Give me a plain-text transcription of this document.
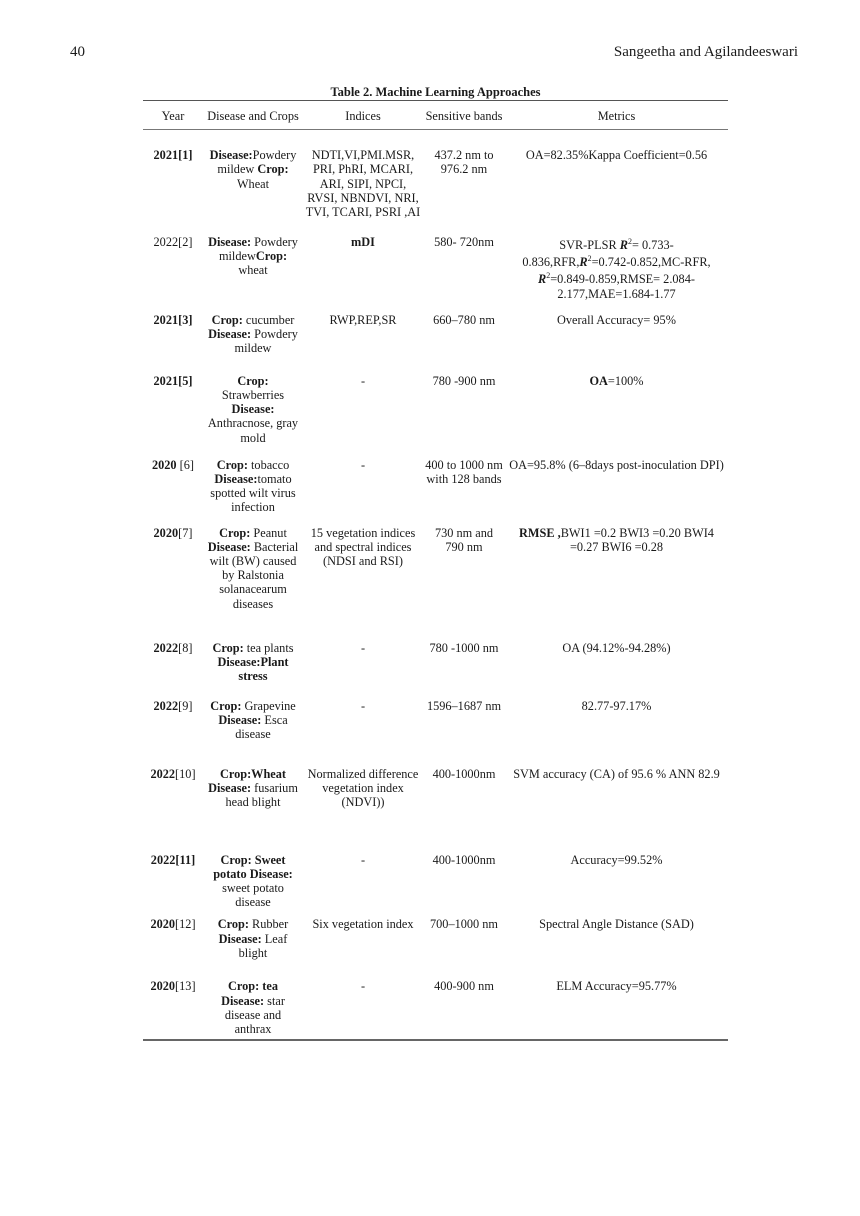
40	Sangeetha and Agilandeeswari
Table 2. Machine Learning Approaches
Year	Disease and Crops	Indices	Sensitive bands	Metrics
2021[1]	Disease:Powdery mildew Crop: Wheat	NDTI,VI,PMI.MSR, PRI, PhRI, MCARI, ARI, SIPI, NPCI, RVSI, NBNDVI, NRI, TVI, TCARI, PSRI ,AI	437.2 nm to 976.2 nm	OA=82.35%Kappa Coefficient=0.56
2022[2]	Disease: Powdery mildewCrop: wheat	mDI	580- 720nm	SVR-PLSR $R^2= 0.733-0.836,RFR,R^2=0.742-0.852,MC-RFR$, $R^2=0.849-0.859,RMSE= 2.084-2.177,MAE=1.684-1.77$
2021[3]	Crop: cucumber Disease: Powdery mildew	RWP,REP,SR	660–780 nm	Overall Accuracy= 95%
2021[5]	Crop: Strawberries Disease: Anthracnose, gray mold	-	780 -900 nm	OA=100%
2020 [6]	Crop: tobacco Disease:tomato spotted wilt virus infection	-	400 to 1000 nm with 128 bands	OA=95.8% (6–8days post-inoculation DPI)
2020[7]	Crop: Peanut Disease: Bacterial wilt (BW) caused by Ralstonia solanacearum diseases	15 vegetation indices and spectral indices (NDSI and RSI)	730 nm and 790 nm	RMSE ,BWI1 =0.2 BWI3 =0.20 BWI4 =0.27 BWI6 =0.28
2022[8]	Crop: tea plants Disease:Plant stress	-	780 -1000 nm	OA (94.12%-94.28%)
2022[9]	Crop: Grapevine Disease: Esca disease	-	1596–1687 nm	82.77-97.17%
2022[10]	Crop:Wheat Disease: fusarium head blight	Normalized difference vegetation index (NDVI))	400-1000nm	SVM accuracy (CA) of 95.6 % ANN 82.9
2022[11]	Crop: Sweet potato Disease: sweet potato disease	-	400-1000nm	Accuracy=99.52%
2020[12]	Crop: Rubber Disease: Leaf blight	Six vegetation index	700–1000 nm	Spectral Angle Distance (SAD)
2020[13]	Crop: tea Disease: star disease and anthrax	-	400-900 nm	ELM Accuracy=95.77%
